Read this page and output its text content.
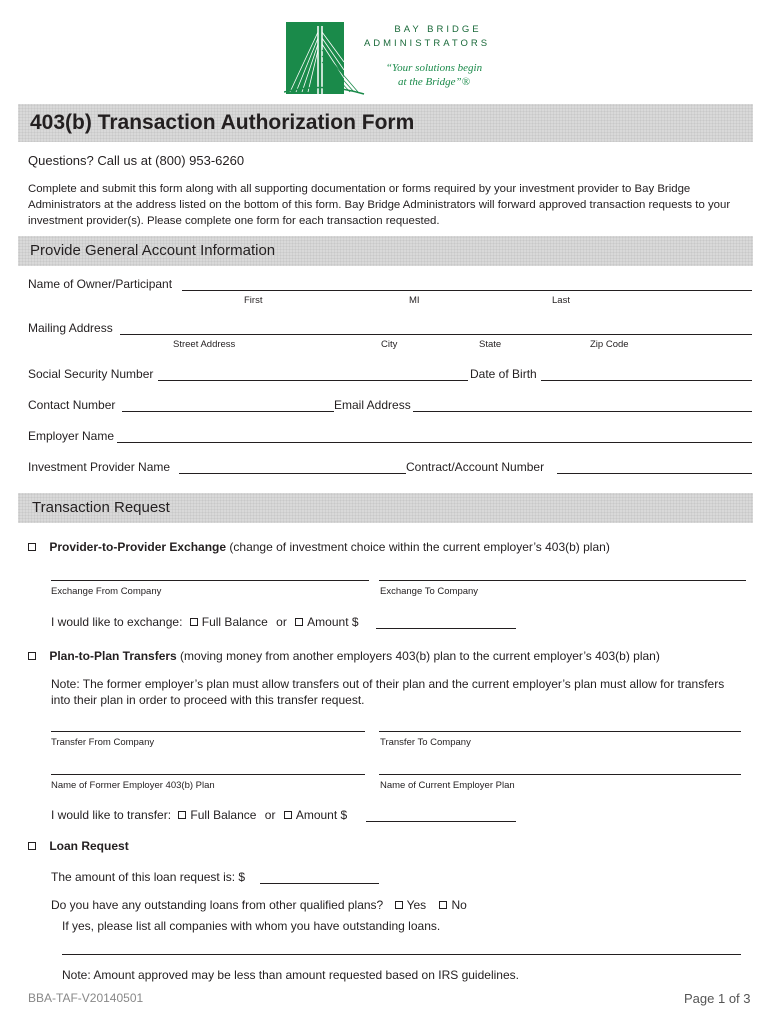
BAY BRIDGE
ADMINISTRATORS
“Your solutions begin
at the Bridge”®
403(b) Transaction Authorization Form
Questions? Call us at (800) 953-6260
Complete and submit this form along with all supporting documentation or forms required by your investment provider to Bay Bridge Administrators at the address listed on the bottom of this form. Bay Bridge Administrators will forward approved transaction requests to your investment provider(s). Please complete one form for each transaction requested.
Provide General Account Information
Name of Owner/Participant
First	MI	Last
Mailing Address
Street Address	City	State	Zip Code
Social Security Number	Date of Birth
Contact Number	Email Address
Employer Name
Investment Provider Name	Contract/Account Number
Transaction Request
Provider-to-Provider Exchange (change of investment choice within the current employer’s 403(b) plan)
Exchange From Company	Exchange To Company
I would like to exchange: Full Balance or Amount $
Plan-to-Plan Transfers (moving money from another employers 403(b) plan to the current employer’s 403(b) plan)
Note: The former employer’s plan must allow transfers out of their plan and the current employer’s plan must allow for transfers into their plan in order to proceed with this transfer request.
Transfer From Company	Transfer To Company
Name of Former Employer 403(b) Plan	Name of Current Employer Plan
I would like to transfer: Full Balance or Amount $
Loan Request
The amount of this loan request is: $
Do you have any outstanding loans from other qualified plans? Yes No
If yes, please list all companies with whom you have outstanding loans.
Note: Amount approved may be less than amount requested based on IRS guidelines.
BBA-TAF-V20140501	Page 1 of 3
